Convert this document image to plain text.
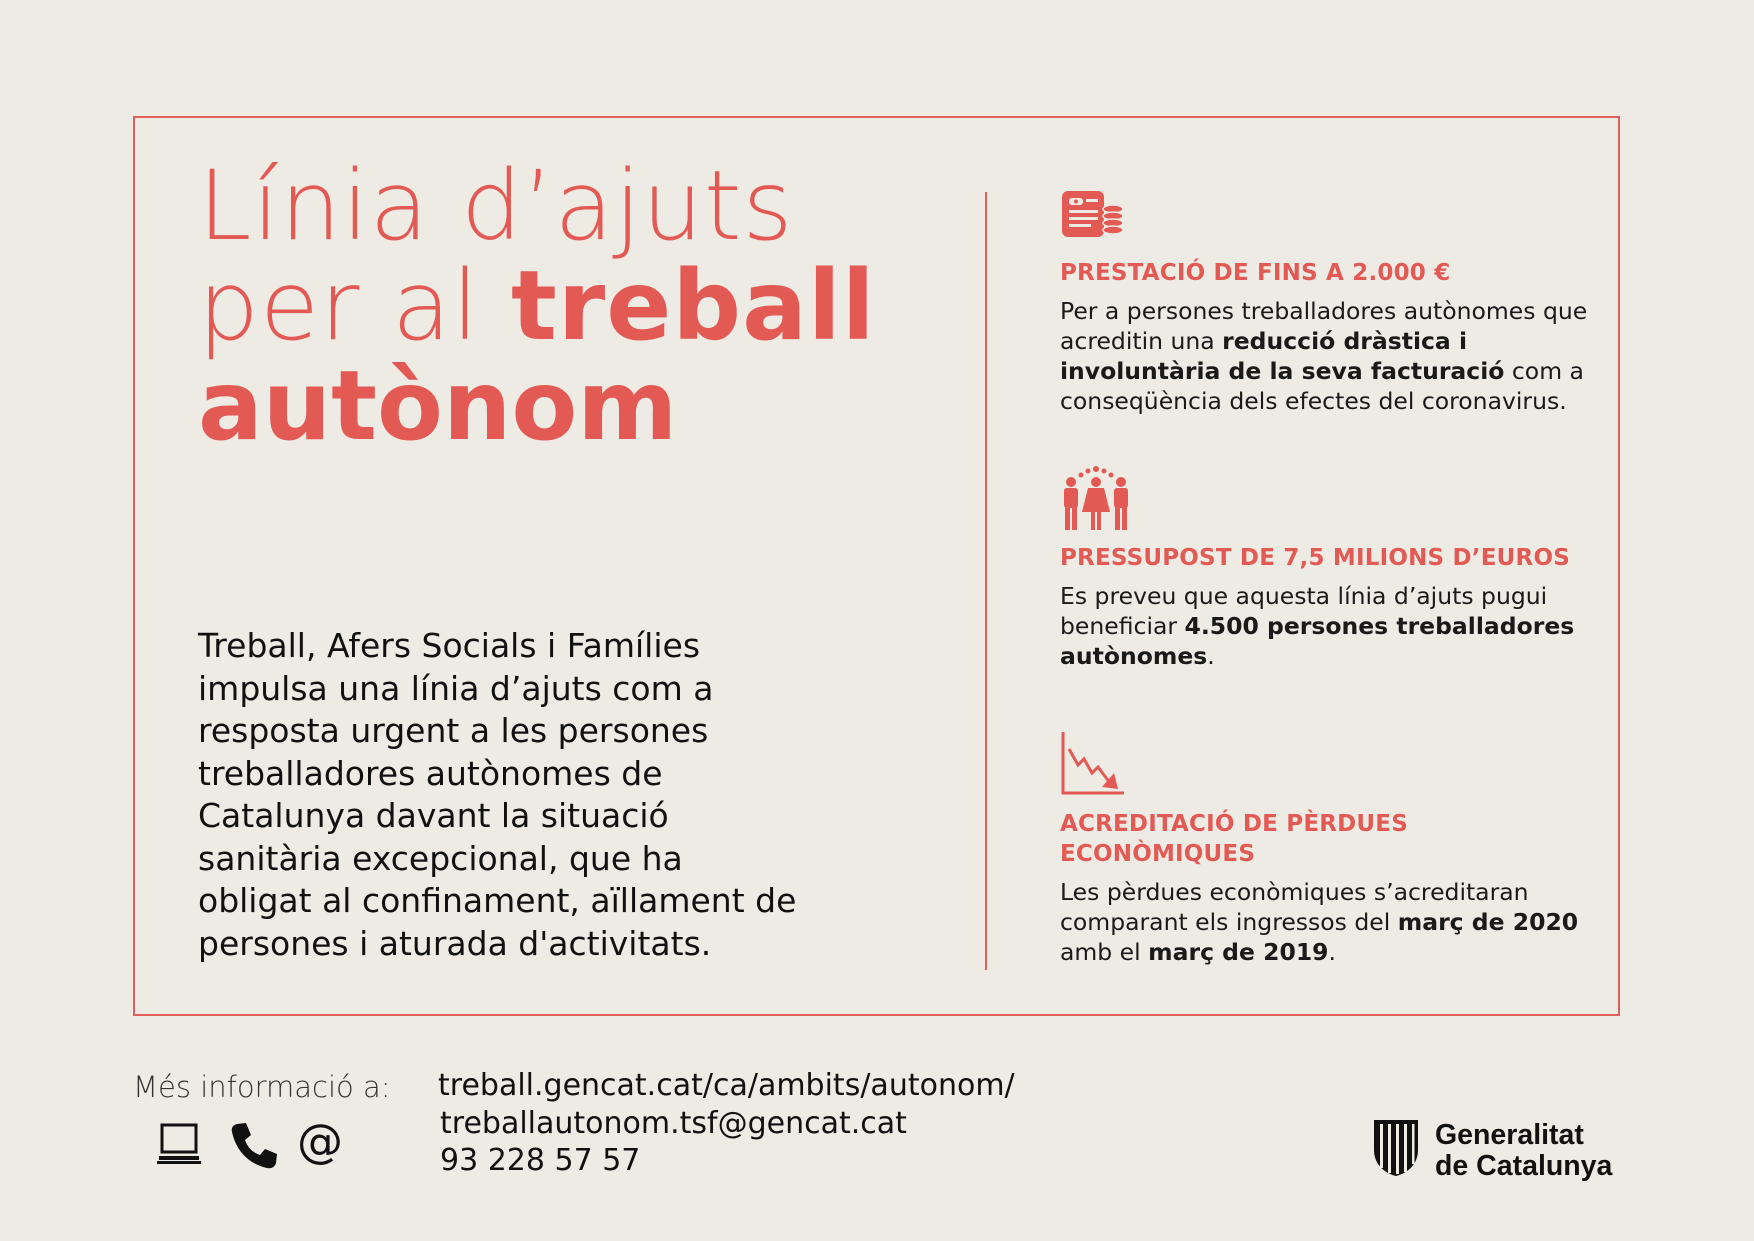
Línia d’ajuts
per al treball
autònom
Treball, Afers Socials i Famílies impulsa una línia d’ajuts com a resposta urgent a les persones treballadores autònomes de Catalunya davant la situació sanitària excepcional, que ha obligat al confinament, aïllament de persones i aturada d'activitats.
PRESTACIÓ DE FINS A 2.000 €

Per a persones treballadores autònomes que acreditin una reducció dràstica i involuntària de la seva facturació com a conseqüència dels efectes del coronavirus.

PRESSUPOST DE 7,5 MILIONS D’EUROS

Es preveu que aquesta línia d’ajuts pugui beneficiar 4.500 persones treballadores autònomes.

ACREDITACIÓ DE PÈRDUES ECONÒMIQUES

Les pèrdues econòmiques s’acreditaran comparant els ingressos del març de 2020 amb el març de 2019.

Més informació a:
@
treball.gencat.cat/ca/ambits/autonom/
treballautonom.tsf@gencat.cat
93 228 57 57
Generalitat
de Catalunya
